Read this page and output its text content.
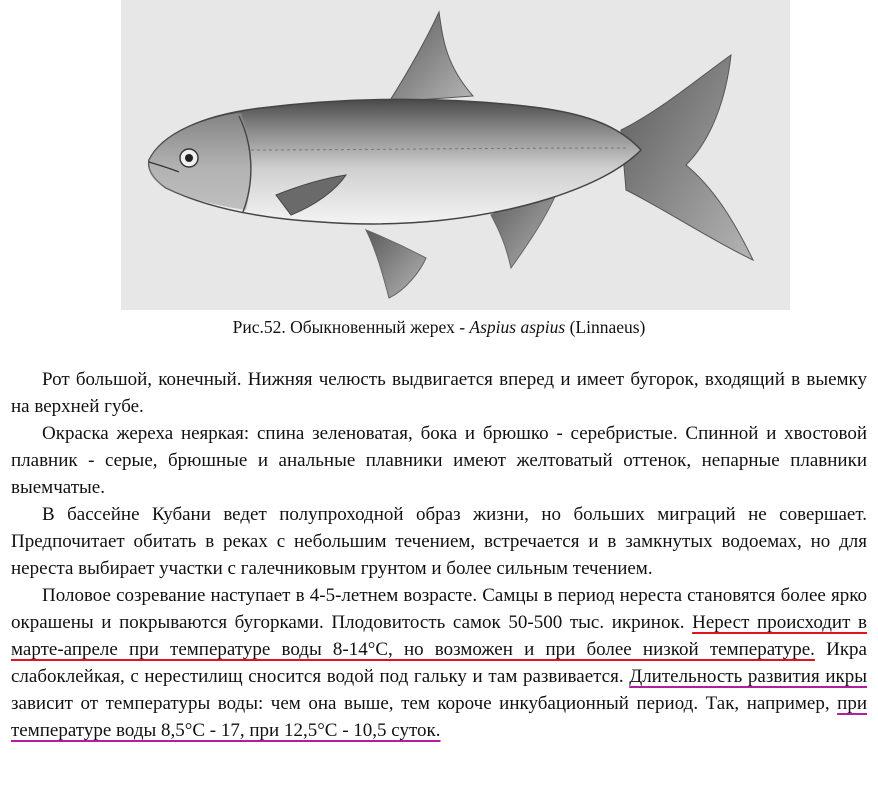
Рис.52. Обыкновенный жерех - Aspius aspius (Linnaeus)

Рот большой, конечный. Нижняя челюсть выдвигается вперед и имеет бугорок, входящий в выемку на верхней губе.

Окраска жереха неяркая: спина зеленоватая, бока и брюшко - серебристые. Спинной и хвостовой плавник - серые, брюшные и анальные плавники имеют желтоватый оттенок, непарные плавники выемчатые.

В бассейне Кубани ведет полупроходной образ жизни, но больших миграций не совершает. Предпочитает обитать в реках с небольшим течением, встречается и в замкнутых водоемах, но для нереста выбирает участки с галечниковым грунтом и более сильным течением.

Половое созревание наступает в 4-5-летнем возрасте. Самцы в период нереста становятся более ярко окрашены и покрываются бугорками. Плодовитость самок 50-500 тыс. икринок. Нерест происходит в марте-апреле при температуре воды 8-14°С, но возможен и при более низкой температуре. Икра слабоклейкая, с нерестилищ сносится водой под гальку и там развивается. Длительность развития икры зависит от температуры воды: чем она выше, тем короче инкубационный период. Так, например, при температуре воды 8,5°С - 17, при 12,5°С - 10,5 суток.
